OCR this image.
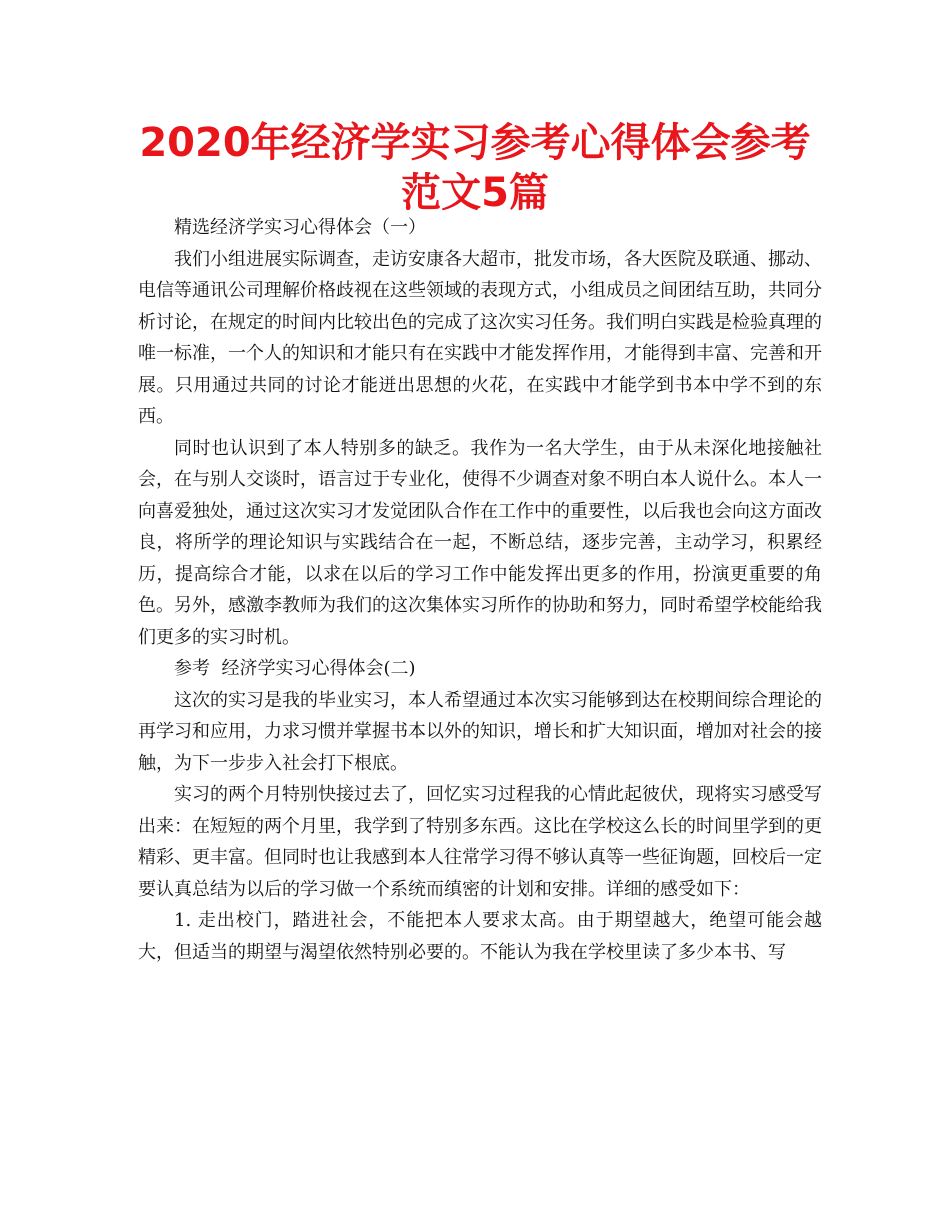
2020年经济学实习参考心得体会参考范文5篇

精选经济学实习心得体会（一）

我们小组进展实际调查，走访安康各大超市，批发市场，各大医院及联通、挪动、电信等通讯公司理解价格歧视在这些领域的表现方式，小组成员之间团结互助，共同分析讨论，在规定的时间内比较出色的完成了这次实习任务。我们明白实践是检验真理的唯一标准，一个人的知识和才能只有在实践中才能发挥作用，才能得到丰富、完善和开展。只用通过共同的讨论才能迸出思想的火花，在实践中才能学到书本中学不到的东西。

同时也认识到了本人特别多的缺乏。我作为一名大学生，由于从未深化地接触社会，在与别人交谈时，语言过于专业化，使得不少调查对象不明白本人说什么。本人一向喜爱独处，通过这次实习才发觉团队合作在工作中的重要性，以后我也会向这方面改良，将所学的理论知识与实践结合在一起，不断总结，逐步完善，主动学习，积累经历，提高综合才能，以求在以后的学习工作中能发挥出更多的作用，扮演更重要的角色。另外，感激李教师为我们的这次集体实习所作的协助和努力，同时希望学校能给我们更多的实习时机。

参考  经济学实习心得体会(二)

这次的实习是我的毕业实习，本人希望通过本次实习能够到达在校期间综合理论的再学习和应用，力求习惯并掌握书本以外的知识，增长和扩大知识面，增加对社会的接触，为下一步步入社会打下根底。

实习的两个月特别快接过去了，回忆实习过程我的心情此起彼伏，现将实习感受写出来：在短短的两个月里，我学到了特别多东西。这比在学校这么长的时间里学到的更精彩、更丰富。但同时也让我感到本人往常学习得不够认真等一些征询题，回校后一定要认真总结为以后的学习做一个系统而缜密的计划和安排。详细的感受如下：

1. 走出校门，踏进社会，不能把本人要求太高。由于期望越大，绝望可能会越大，但适当的期望与渴望依然特别必要的。不能认为我在学校里读了多少本书、写
